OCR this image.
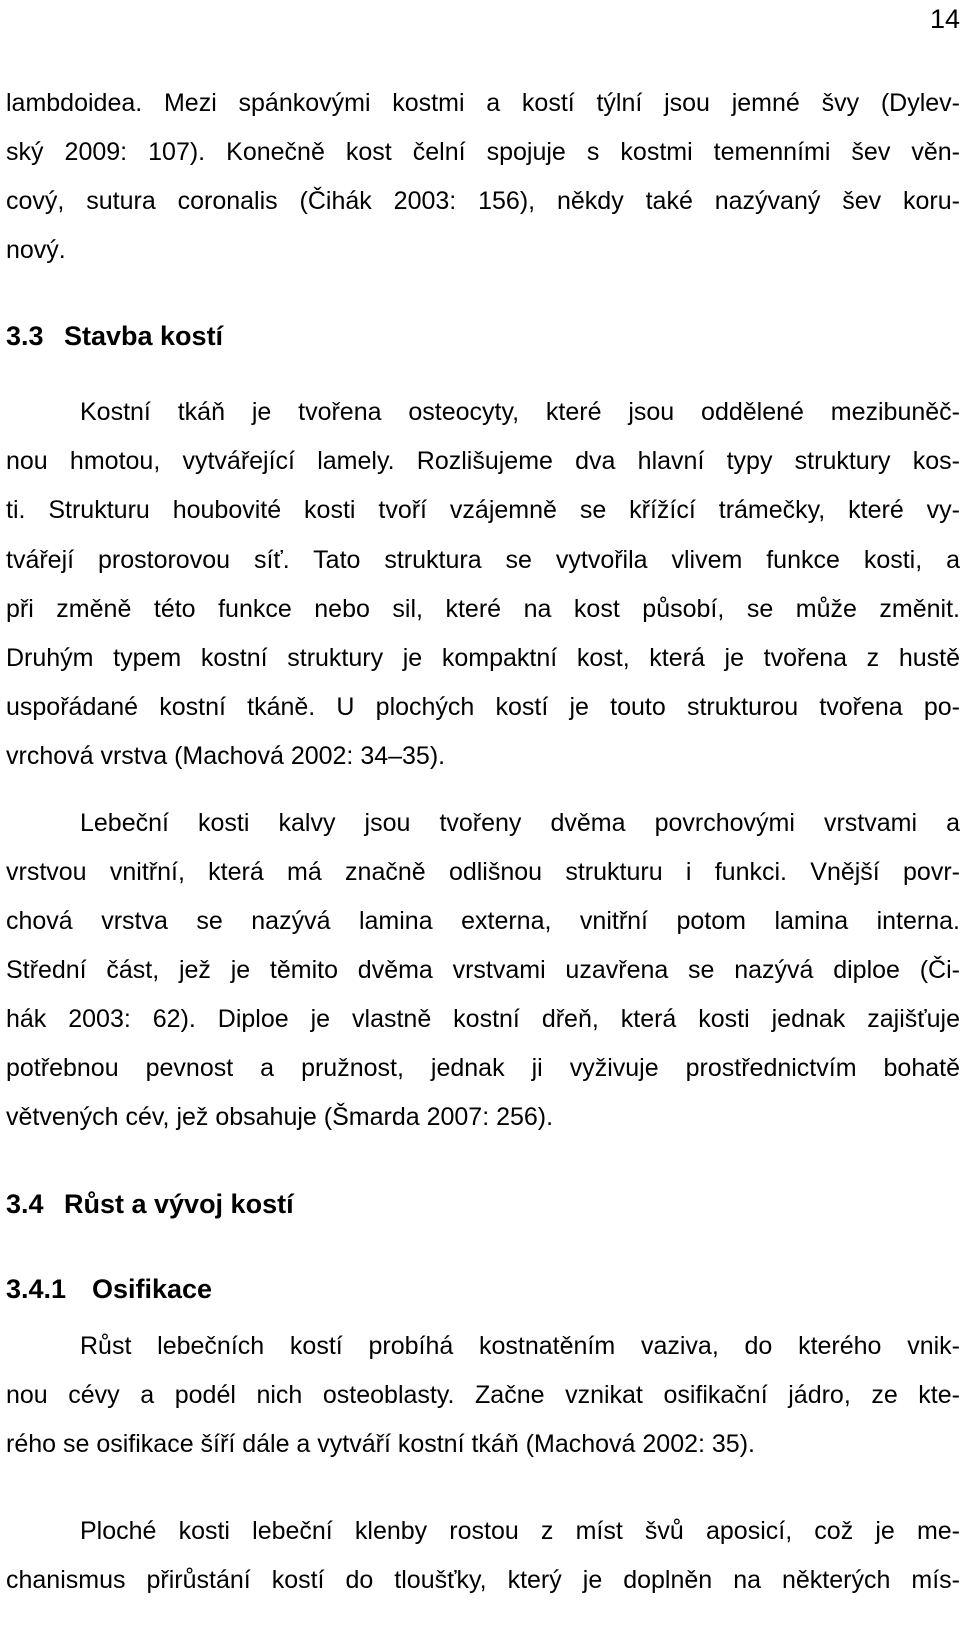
14
lambdoidea. Mezi spánkovými kostmi a kostí týlní jsou jemné švy (Dylev-
ský 2009: 107). Konečně kost čelní spojuje s kostmi temenními šev věn-
cový, sutura coronalis (Čihák 2003: 156), někdy také nazývaný šev koru-
nový.
3.3 Stavba kostí
Kostní tkáň je tvořena osteocyty, které jsou oddělené mezibuněč-
nou hmotou, vytvářející lamely. Rozlišujeme dva hlavní typy struktury kos-
ti. Strukturu houbovité kosti tvoří vzájemně se křížící trámečky, které vy-
tvářejí prostorovou síť. Tato struktura se vytvořila vlivem funkce kosti, a
při změně této funkce nebo sil, které na kost působí, se může změnit.
Druhým typem kostní struktury je kompaktní kost, která je tvořena z hustě
uspořádané kostní tkáně. U plochých kostí je touto strukturou tvořena po-
vrchová vrstva (Machová 2002: 34–35).
Lebeční kosti kalvy jsou tvořeny dvěma povrchovými vrstvami a
vrstvou vnitřní, která má značně odlišnou strukturu i funkci. Vnější povr-
chová vrstva se nazývá lamina externa, vnitřní potom lamina interna.
Střední část, jež je těmito dvěma vrstvami uzavřena se nazývá diploe (Či-
hák 2003: 62). Diploe je vlastně kostní dřeň, která kosti jednak zajišťuje
potřebnou pevnost a pružnost, jednak ji vyživuje prostřednictvím bohatě
větvených cév, jež obsahuje (Šmarda 2007: 256).
3.4 Růst a vývoj kostí
3.4.1 Osifikace
Růst lebečních kostí probíhá kostnatěním vaziva, do kterého vnik-
nou cévy a podél nich osteoblasty. Začne vznikat osifikační jádro, ze kte-
rého se osifikace šíří dále a vytváří kostní tkáň (Machová 2002: 35).
Ploché kosti lebeční klenby rostou z míst švů aposicí, což je me-
chanismus přirůstání kostí do tloušťky, který je doplněn na některých mís-
